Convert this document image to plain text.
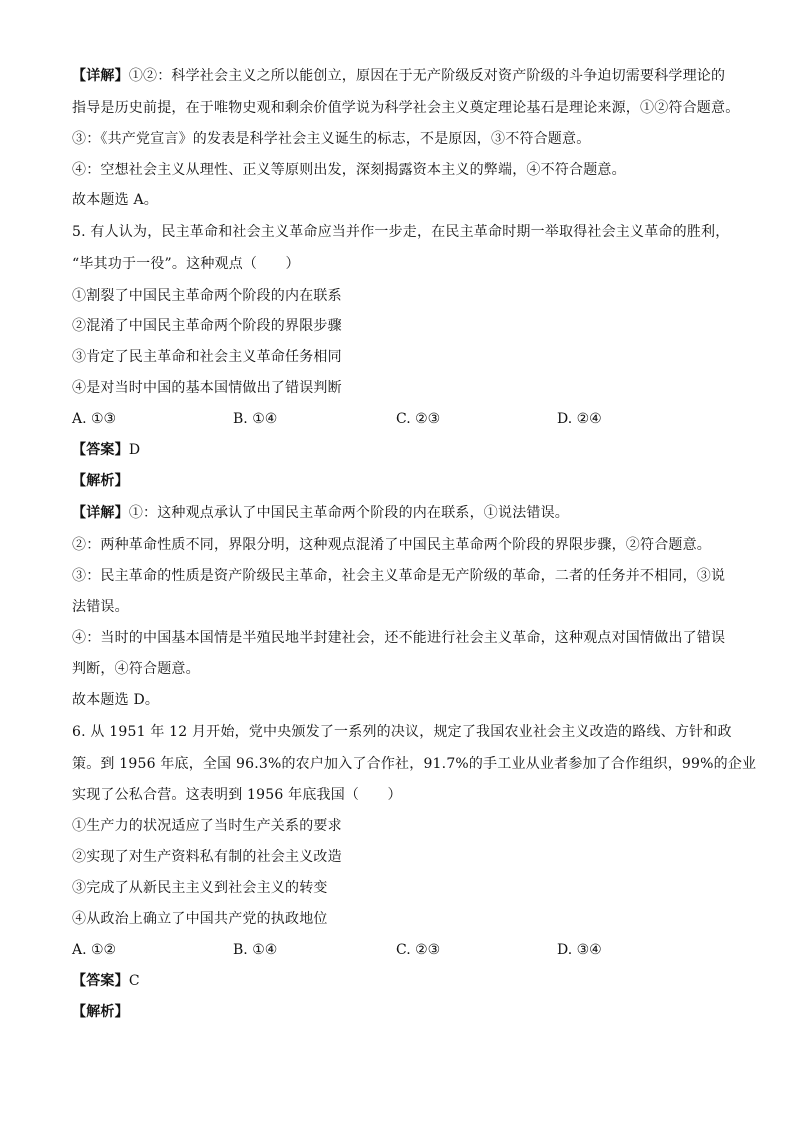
【详解】①②：科学社会主义之所以能创立，原因在于无产阶级反对资产阶级的斗争迫切需要科学理论的
指导是历史前提，在于唯物史观和剩余价值学说为科学社会主义奠定理论基石是理论来源，①②符合题意。
③：《共产党宣言》的发表是科学社会主义诞生的标志，不是原因，③不符合题意。
④：空想社会主义从理性、正义等原则出发，深刻揭露资本主义的弊端，④不符合题意。
故本题选 A。
5. 有人认为，民主革命和社会主义革命应当并作一步走，在民主革命时期一举取得社会主义革命的胜利，
“毕其功于一役”。这种观点（　　）
①割裂了中国民主革命两个阶段的内在联系
②混淆了中国民主革命两个阶段的界限步骤
③肯定了民主革命和社会主义革命任务相同
④是对当时中国的基本国情做出了错误判断
A. ①③	B. ①④	C. ②③	D. ②④
【答案】D
【解析】
【详解】①：这种观点承认了中国民主革命两个阶段的内在联系，①说法错误。
②：两种革命性质不同，界限分明，这种观点混淆了中国民主革命两个阶段的界限步骤，②符合题意。
③：民主革命的性质是资产阶级民主革命，社会主义革命是无产阶级的革命，二者的任务并不相同，③说
法错误。
④：当时的中国基本国情是半殖民地半封建社会，还不能进行社会主义革命，这种观点对国情做出了错误
判断，④符合题意。
故本题选 D。
6. 从 1951 年 12 月开始，党中央颁发了一系列的决议，规定了我国农业社会主义改造的路线、方针和政
策。到 1956 年底，全国 96.3%的农户加入了合作社，91.7%的手工业从业者参加了合作组织，99%的企业
实现了公私合营。这表明到 1956 年底我国（　　）
①生产力的状况适应了当时生产关系的要求
②实现了对生产资料私有制的社会主义改造
③完成了从新民主主义到社会主义的转变
④从政治上确立了中国共产党的执政地位
A. ①②	B. ①④	C. ②③	D. ③④
【答案】C
【解析】
